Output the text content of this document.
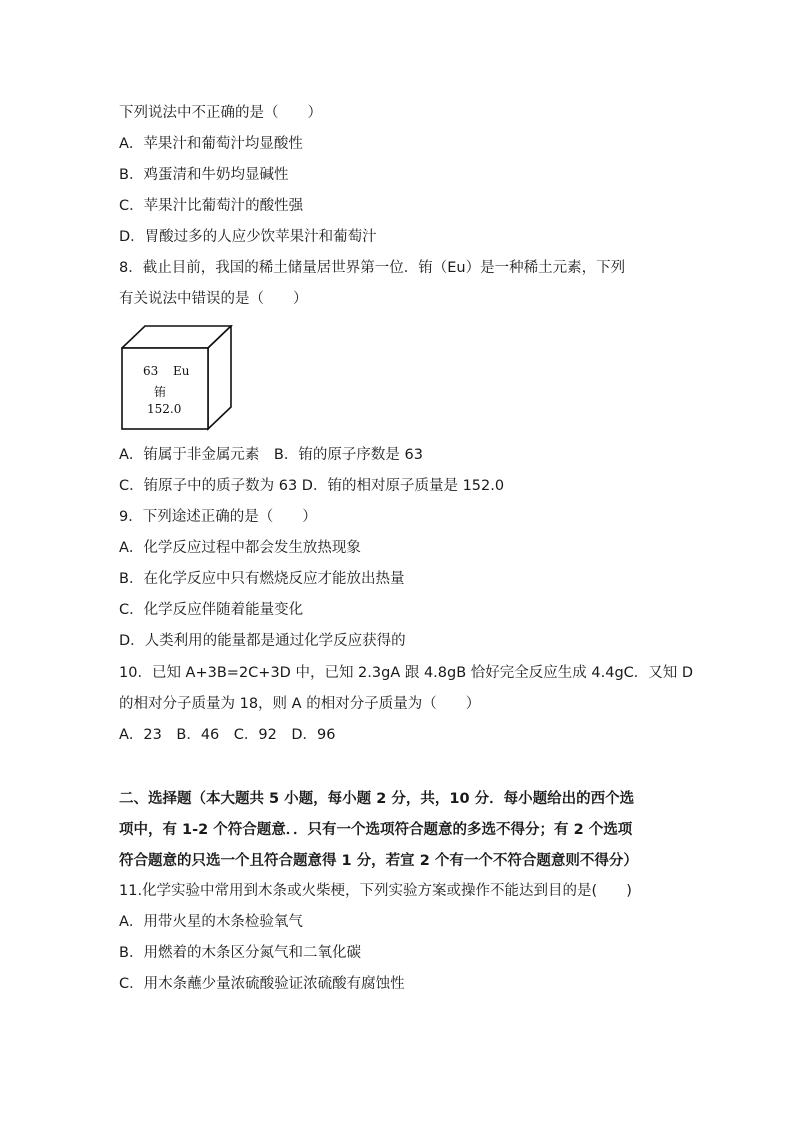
下列说法中不正确的是（　　）
A．苹果汁和葡萄汁均显酸性
B．鸡蛋清和牛奶均显碱性
C．苹果汁比葡萄汁的酸性强
D．胃酸过多的人应少饮苹果汁和葡萄汁
8．截止目前，我国的稀土储量居世界第一位．铕（Eu）是一种稀土元素，下列
有关说法中错误的是（　　）
63 Eu
铕
152.0
A．铕属于非金属元素　B．铕的原子序数是 63
C．铕原子中的质子数为 63 D．铕的相对原子质量是 152.0
9．下列途述正确的是（　　）
A．化学反应过程中都会发生放热现象
B．在化学反应中只有燃烧反应才能放出热量
C．化学反应伴随着能量变化
D．人类利用的能量都是通过化学反应获得的
10．已知 A+3B=2C+3D 中，已知 2.3gA 跟 4.8gB 恰好完全反应生成 4.4gC．又知 D
的相对分子质量为 18，则 A 的相对分子质量为（　　）
A．23　B．46　C．92　D．96
二、选择题（本大题共 5 小题，每小题 2 分，共，10 分．每小题给出的西个选
项中，有 1-2 个符合题意．．只有一个选项符合题意的多选不得分；有 2 个选项
符合题意的只选一个且符合题意得 1 分，若宣 2 个有一个不符合题意则不得分）
11.化学实验中常用到木条或火柴梗，下列实验方案或操作不能达到目的是(　　)
A．用带火星的木条检验氧气
B．用燃着的木条区分氮气和二氧化碳
C．用木条蘸少量浓硫酸验证浓硫酸有腐蚀性
